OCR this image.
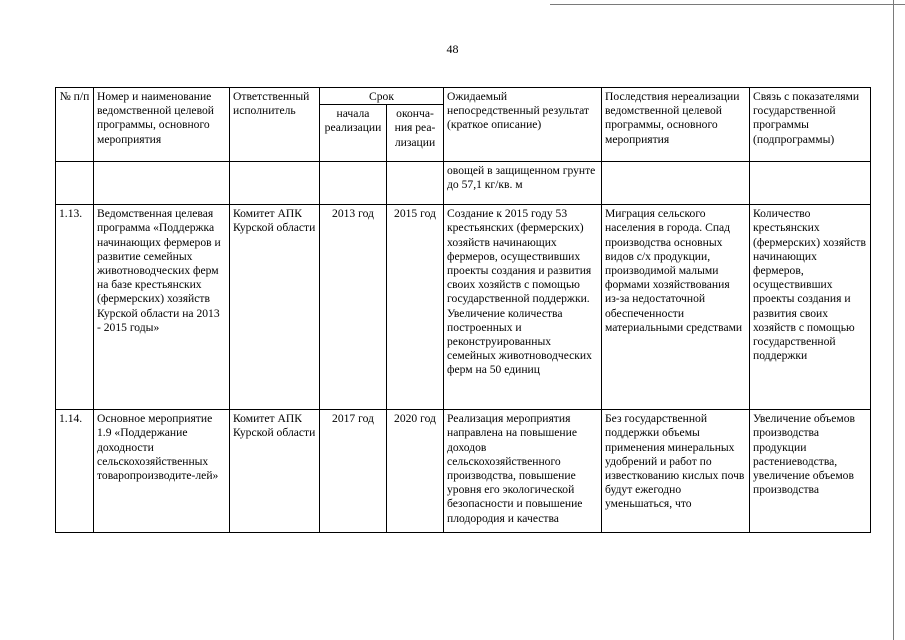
48
№ п/п	Номер и наименование ведомственной целевой программы, основного мероприятия	Ответственный исполнитель	Срок		Ожидаемый непосредственный результат (краткое описание)	Последствия нереализации ведомственной целевой программы, основного мероприятия	Связь с показателями государственной программы (подпрограммы)
			начала реализации	оконча-ния реа-лизации			
					овощей в защищенном грунте до 57,1 кг/кв. м		
1.13.	Ведомственная целевая программа «Поддержка начинающих фермеров и развитие семейных животноводческих ферм на базе крестьянских (фермерских) хозяйств Курской области на 2013 - 2015 годы»	Комитет АПК Курской области	2013 год	2015 год	Создание к 2015 году 53 крестьянских (фермерских) хозяйств начинающих фермеров, осуществивших проекты создания и развития своих хозяйств с помощью государственной поддержки. Увеличение количества построенных и реконструированных семейных животноводческих ферм на 50 единиц	Миграция сельского населения в города. Спад производства основных видов с/х продукции, производимой малыми формами хозяйствования из-за недостаточной обеспеченности материальными средствами	Количество крестьянских (фермерских) хозяйств начинающих фермеров, осуществивших проекты создания и развития своих хозяйств с помощью государственной поддержки
1.14.	Основное мероприятие 1.9 «Поддержание доходности сельскохозяйственных товаропроизводите-лей»	Комитет АПК Курской области	2017 год	2020 год	Реализация мероприятия направлена на повышение доходов сельскохозяйственного производства, повышение уровня его экологической безопасности и повышение плодородия и качества	Без государственной поддержки объемы применения минеральных удобрений и работ по известкованию кислых почв будут ежегодно уменьшаться, что	Увеличение объемов производства продукции растениеводства, увеличение объемов производства
